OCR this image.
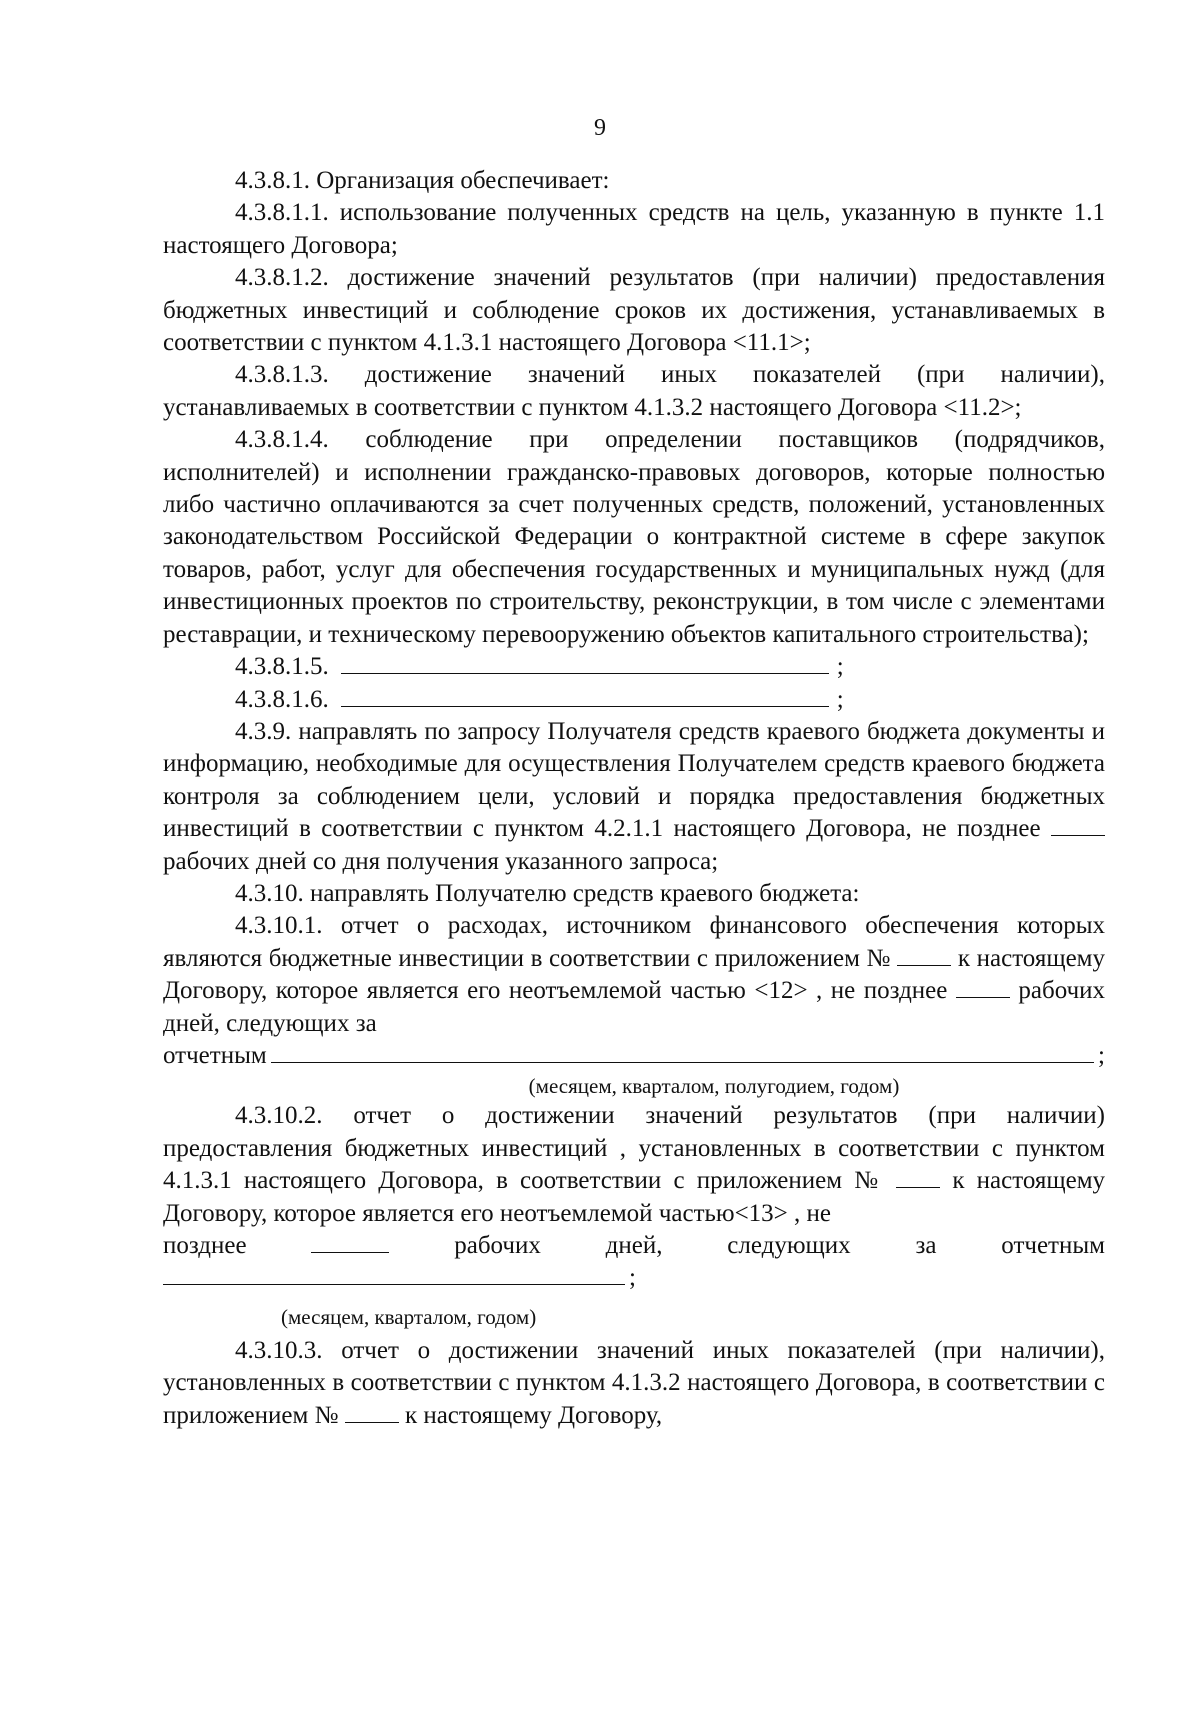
9

4.3.8.1. Организация обеспечивает:

4.3.8.1.1. использование полученных средств на цель, указанную в пункте 1.1 настоящего Договора;

4.3.8.1.2. достижение значений результатов (при наличии) предоставления бюджетных инвестиций и соблюдение сроков их достижения, устанавливаемых в соответствии с пунктом 4.1.3.1 настоящего Договора <11.1>;

4.3.8.1.3. достижение значений иных показателей (при наличии), устанавливаемых в соответствии с пунктом 4.1.3.2 настоящего Договора <11.2>;

4.3.8.1.4. соблюдение при определении поставщиков (подрядчиков, исполнителей) и исполнении гражданско-правовых договоров, которые полностью либо частично оплачиваются за счет полученных средств, положений, установленных законодательством Российской Федерации о контрактной системе в сфере закупок товаров, работ, услуг для обеспечения государственных и муниципальных нужд (для инвестиционных проектов по строительству, реконструкции, в том числе с элементами реставрации, и техническому перевооружению объектов капитального строительства);

4.3.8.1.5.	;
4.3.8.1.6.	;

4.3.9. направлять по запросу Получателя средств краевого бюджета документы и информацию, необходимые для осуществления Получателем средств краевого бюджета контроля за соблюдением цели, условий и порядка предоставления бюджетных инвестиций в соответствии с пунктом 4.2.1.1 настоящего Договора, не позднее  рабочих дней со дня получения указанного запроса;

4.3.10. направлять Получателю средств краевого бюджета:

4.3.10.1. отчет о расходах, источником финансового обеспечения которых являются бюджетные инвестиции в соответствии с приложением №	к настоящему Договору, которое является его неотъемлемой частью <12> , не позднее	рабочих дней, следующих за

отчетным	;
(месяцем, кварталом, полугодием, годом)

4.3.10.2. отчет о достижении значений результатов (при наличии) предоставления бюджетных инвестиций , установленных в соответствии с пунктом 4.1.3.1 настоящего Договора, в соответствии с приложением №	к настоящему Договору, которое является его неотъемлемой частью<13> , не

позднее	рабочих	дней,	следующих	за	отчетным
;
(месяцем, кварталом, годом)

4.3.10.3. отчет о достижении значений иных показателей (при наличии), установленных в соответствии с пунктом 4.1.3.2 настоящего Договора, в соответствии с приложением №	к настоящему Договору,
